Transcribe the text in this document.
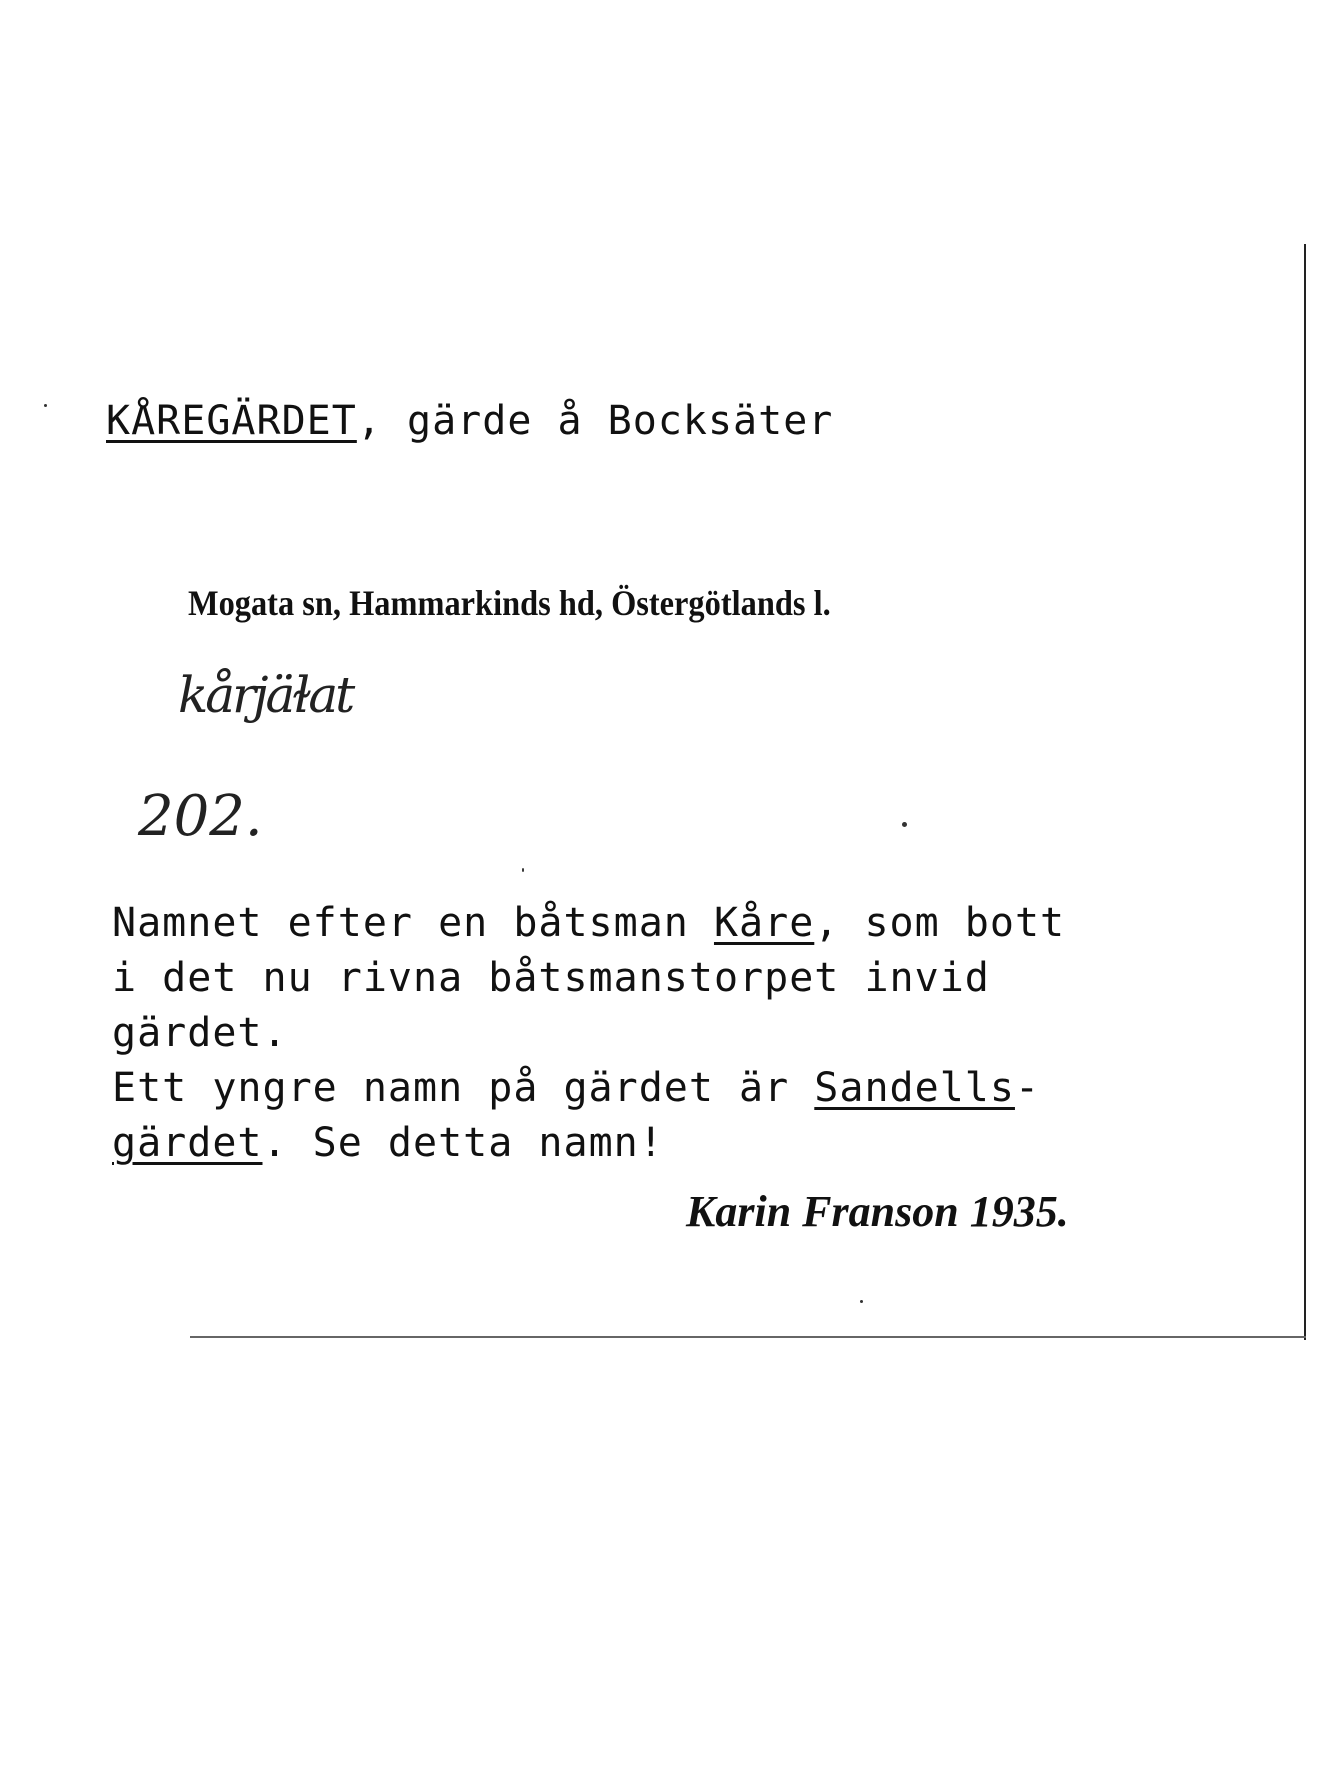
KÅREGÄRDET, gärde å Bocksäter
Mogata sn, Hammarkinds hd, Östergötlands l.
kårjäɫat
202.
Namnet efter en båtsman Kåre, som bott
i det nu rivna båtsmanstorpet invid
gärdet.
Ett yngre namn på gärdet är Sandells-
gärdet. Se detta namn!
Karin Franson 1935.
